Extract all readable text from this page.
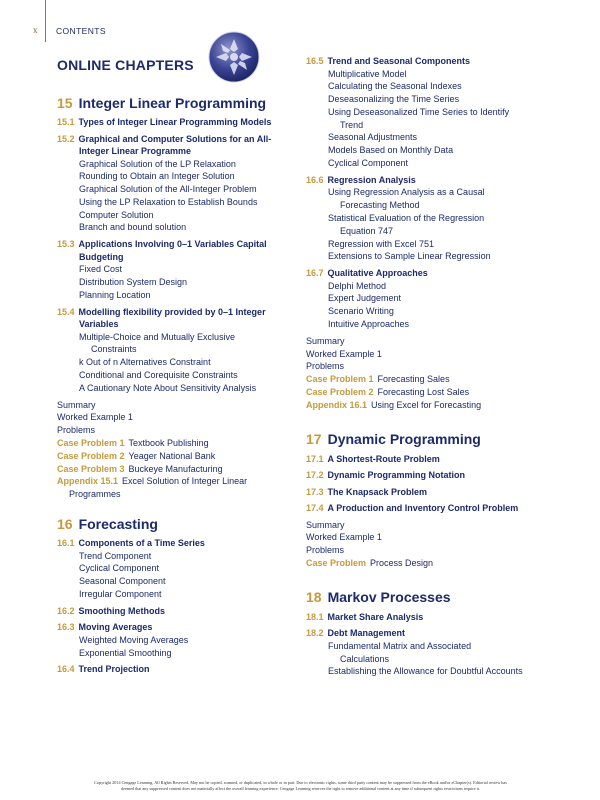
x CONTENTS
ONLINE CHAPTERS
15 Integer Linear Programming
15.1 Types of Integer Linear Programming Models
15.2 Graphical and Computer Solutions for an All-
Integer Linear Programme
Graphical Solution of the LP Relaxation
Rounding to Obtain an Integer Solution
Graphical Solution of the All-Integer Problem
Using the LP Relaxation to Establish Bounds
Computer Solution
Branch and bound solution
15.3 Applications Involving 0–1 Variables Capital
Budgeting
Fixed Cost
Distribution System Design
Planning Location
15.4 Modelling flexibility provided by 0–1 Integer
Variables
Multiple-Choice and Mutually Exclusive
Constraints
k Out of n Alternatives Constraint
Conditional and Corequisite Constraints
A Cautionary Note About Sensitivity Analysis
Summary
Worked Example 1
Problems
Case Problem 1 Textbook Publishing
Case Problem 2 Yeager National Bank
Case Problem 3 Buckeye Manufacturing
Appendix 15.1 Excel Solution of Integer Linear
Programmes
16 Forecasting
16.1 Components of a Time Series
Trend Component
Cyclical Component
Seasonal Component
Irregular Component
16.2 Smoothing Methods
16.3 Moving Averages
Weighted Moving Averages
Exponential Smoothing
16.4 Trend Projection
16.5 Trend and Seasonal Components
Multiplicative Model
Calculating the Seasonal Indexes
Deseasonalizing the Time Series
Using Deseasonalized Time Series to Identify
Trend
Seasonal Adjustments
Models Based on Monthly Data
Cyclical Component
16.6 Regression Analysis
Using Regression Analysis as a Causal
Forecasting Method
Statistical Evaluation of the Regression
Equation 747
Regression with Excel 751
Extensions to Sample Linear Regression
16.7 Qualitative Approaches
Delphi Method
Expert Judgement
Scenario Writing
Intuitive Approaches
Summary
Worked Example 1
Problems
Case Problem 1 Forecasting Sales
Case Problem 2 Forecasting Lost Sales
Appendix 16.1 Using Excel for Forecasting
17 Dynamic Programming
17.1 A Shortest-Route Problem
17.2 Dynamic Programming Notation
17.3 The Knapsack Problem
17.4 A Production and Inventory Control Problem
Summary
Worked Example 1
Problems
Case Problem Process Design
18 Markov Processes
18.1 Market Share Analysis
18.2 Debt Management
Fundamental Matrix and Associated
Calculations
Establishing the Allowance for Doubtful Accounts
Copyright 2014 Cengage Learning. All Rights Reserved. May not be copied, scanned, or duplicated, in whole or in part. Due to electronic rights, some third party content may be suppressed from the eBook and/or eChapter(s). Editorial review has
deemed that any suppressed content does not materially affect the overall learning experience. Cengage Learning reserves the right to remove additional content at any time if subsequent rights restrictions require it.
